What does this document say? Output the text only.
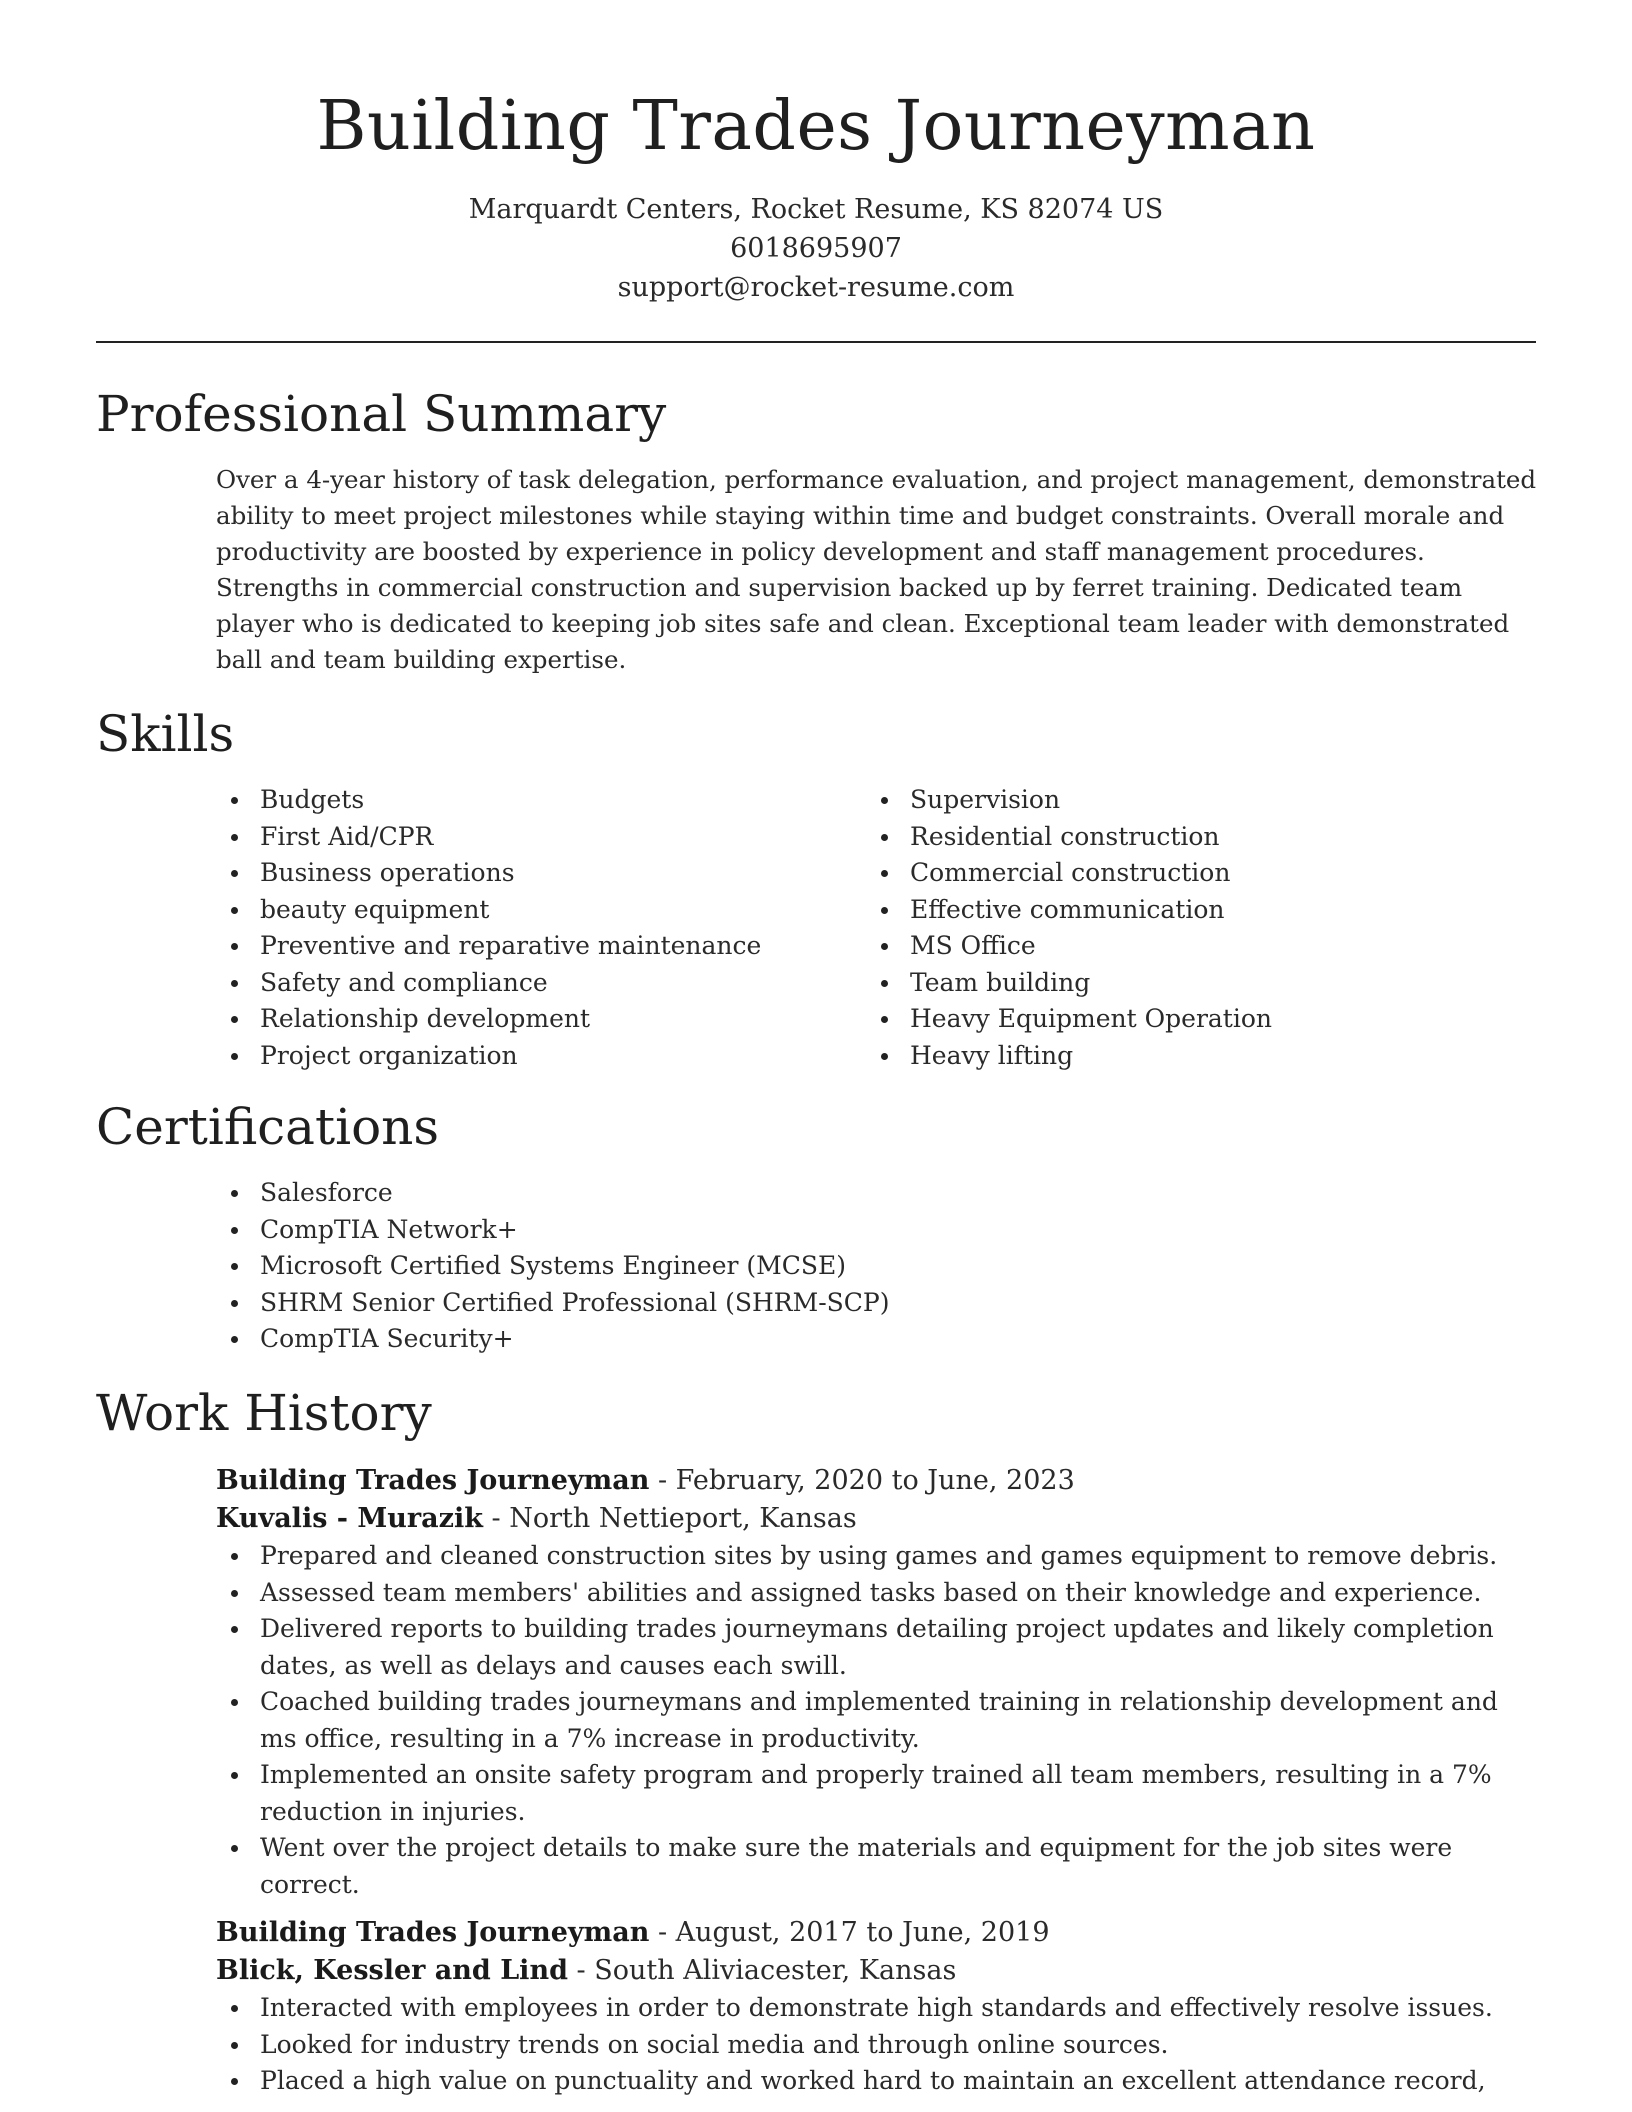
Building Trades Journeyman
Marquardt Centers, Rocket Resume, KS 82074 US
6018695907
support@rocket-resume.com
Professional Summary

Over a 4-year history of task delegation, performance evaluation, and project management, demonstrated ability to meet project milestones while staying within time and budget constraints. Overall morale and productivity are boosted by experience in policy development and staff management procedures. Strengths in commercial construction and supervision backed up by ferret training. Dedicated team player who is dedicated to keeping job sites safe and clean. Exceptional team leader with demonstrated ball and team building expertise.

Skills
Budgets
First Aid/CPR
Business operations
beauty equipment
Preventive and reparative maintenance
Safety and compliance
Relationship development
Project organization
Supervision
Residential construction
Commercial construction
Effective communication
MS Office
Team building
Heavy Equipment Operation
Heavy lifting
Certifications
Salesforce
CompTIA Network+
Microsoft Certified Systems Engineer (MCSE)
SHRM Senior Certified Professional (SHRM-SCP)
CompTIA Security+
Work History
Building Trades Journeyman - February, 2020 to June, 2023
Kuvalis - Murazik - North Nettieport, Kansas
Prepared and cleaned construction sites by using games and games equipment to remove debris.
Assessed team members' abilities and assigned tasks based on their knowledge and experience.
Delivered reports to building trades journeymans detailing project updates and likely completion dates, as well as delays and causes each swill.
Coached building trades journeymans and implemented training in relationship development and ms office, resulting in a 7% increase in productivity.
Implemented an onsite safety program and properly trained all team members, resulting in a 7% reduction in injuries.
Went over the project details to make sure the materials and equipment for the job sites were correct.
Building Trades Journeyman - August, 2017 to June, 2019
Blick, Kessler and Lind - South Aliviacester, Kansas
Interacted with employees in order to demonstrate high standards and effectively resolve issues.
Looked for industry trends on social media and through online sources.
Placed a high value on punctuality and worked hard to maintain an excellent attendance record,
